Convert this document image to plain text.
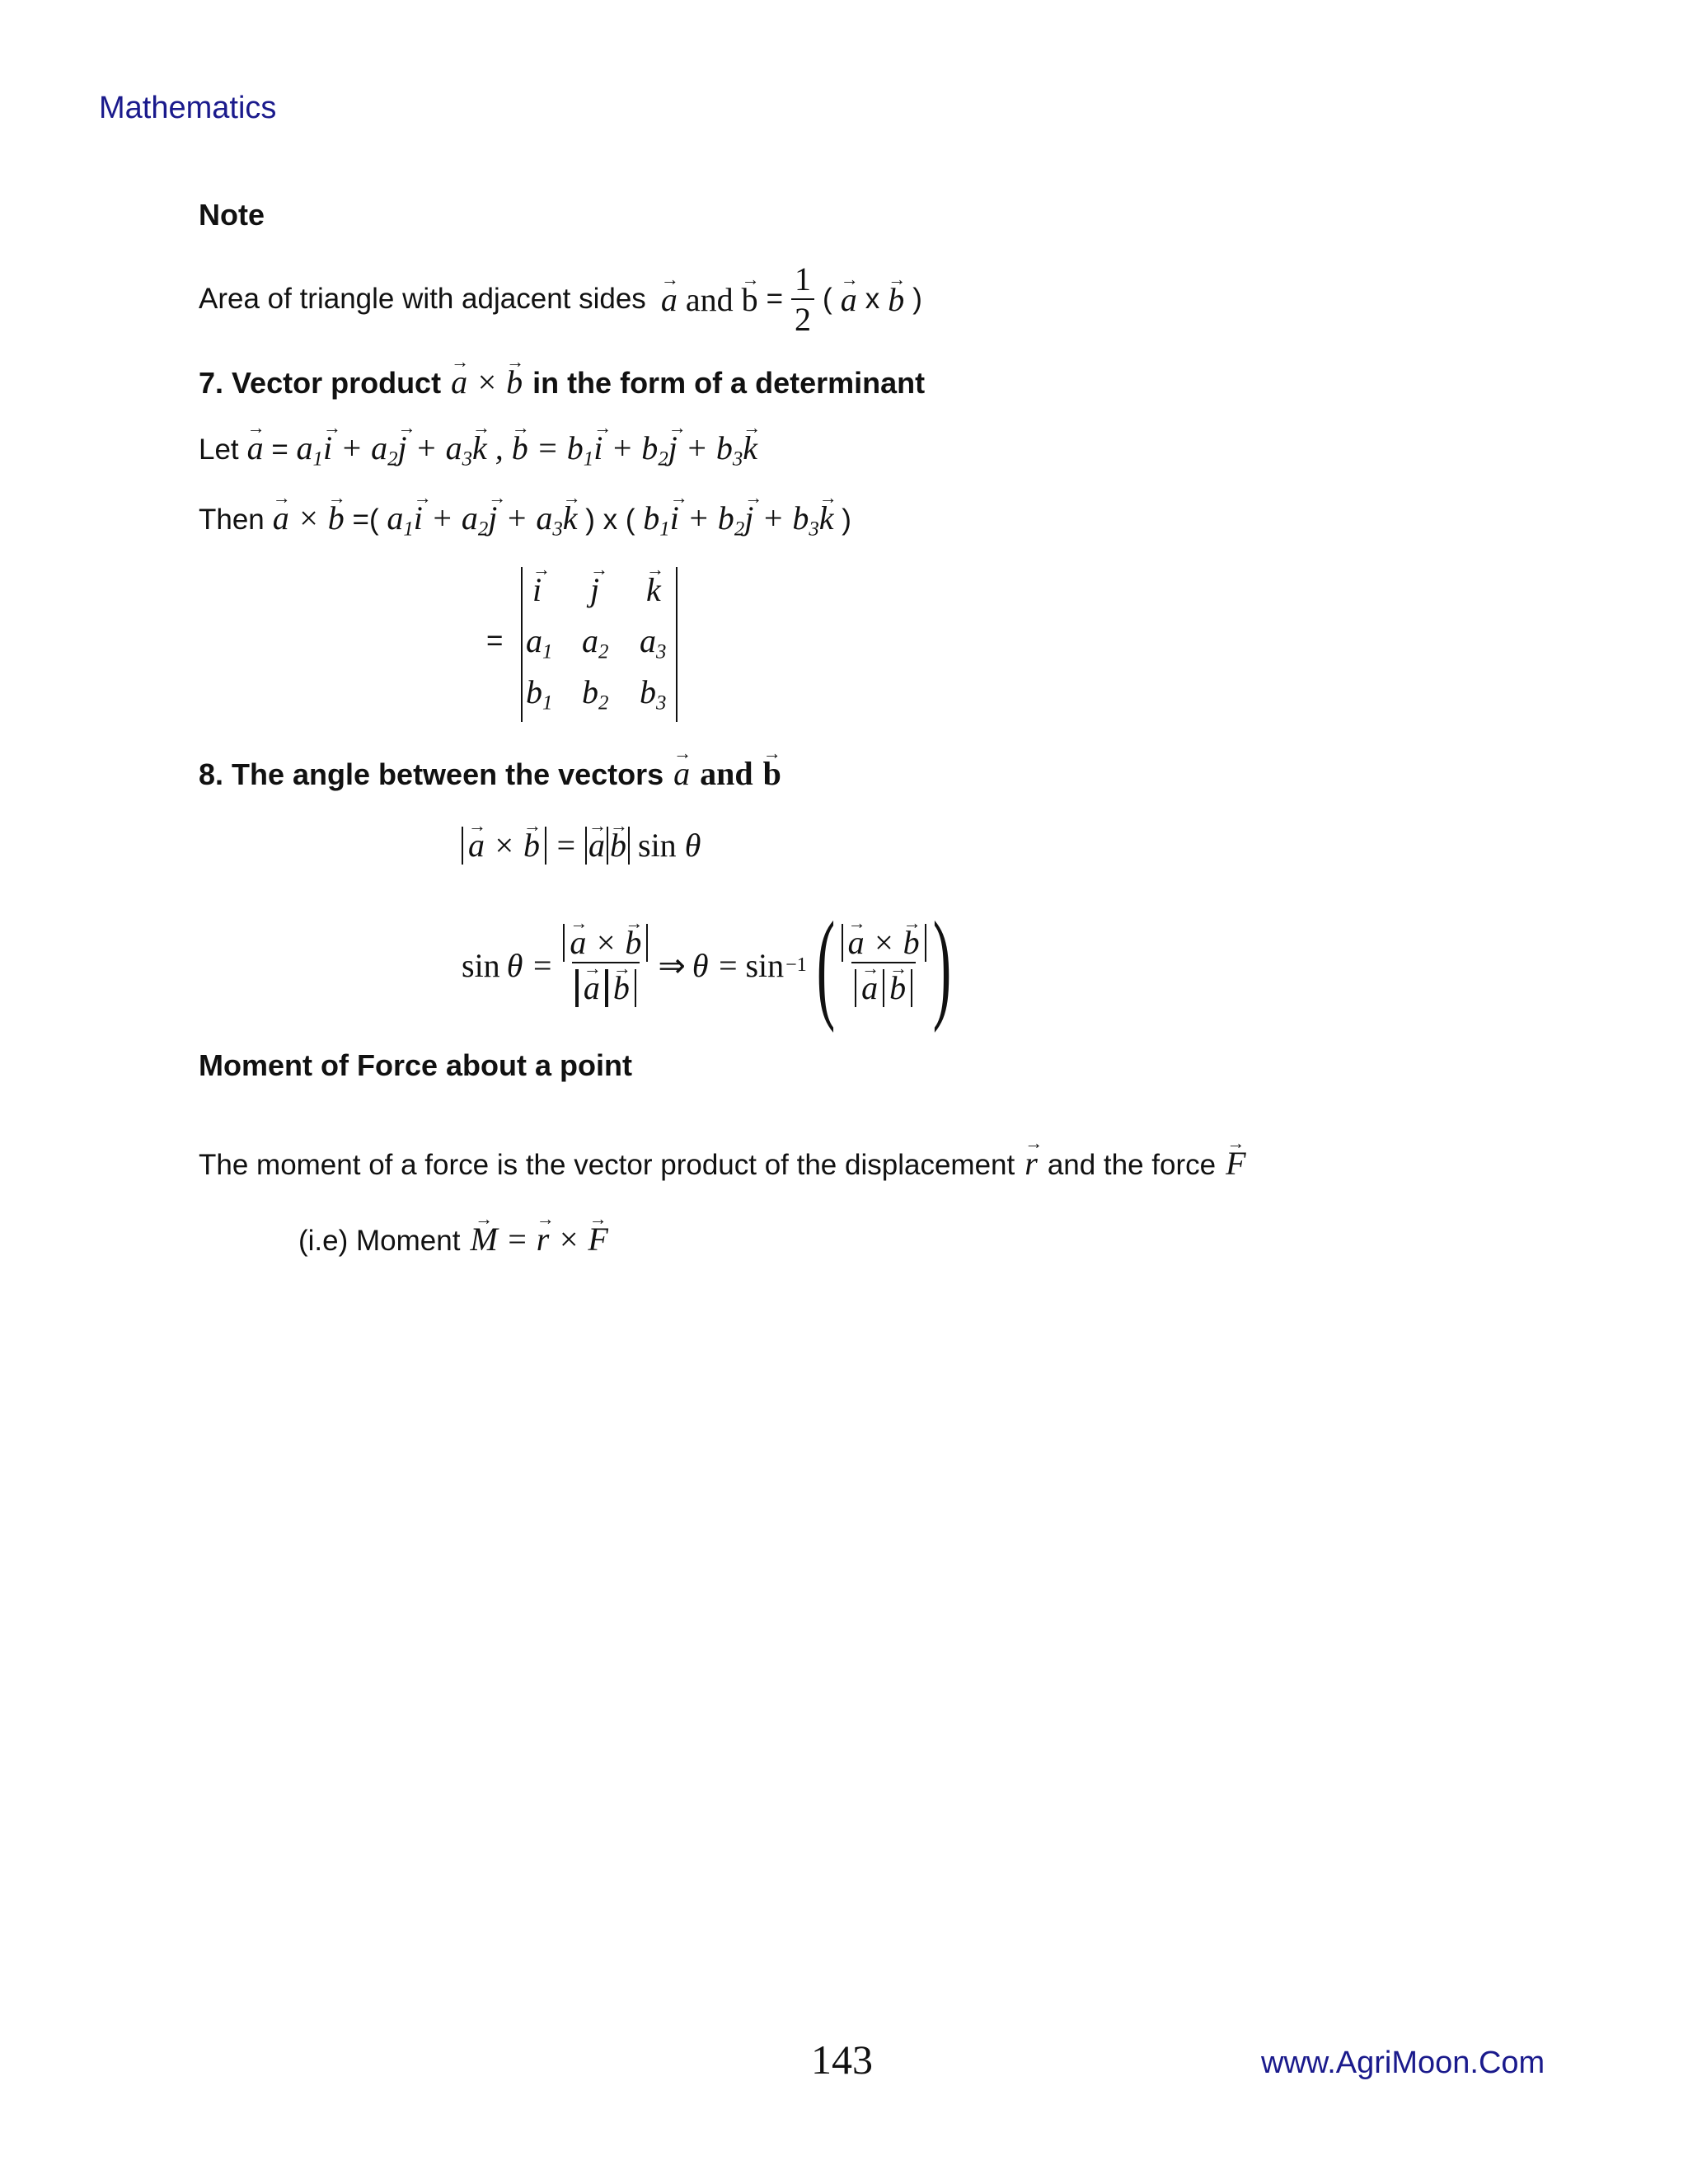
Mathematics
143	www.AgriMoon.Com
Note
Area of triangle with adjacent sides a → and b → = $\frac{1}{2}$ ( a → x b → )
7. Vector product a → × b → in the form of a determinant
Let a → = $a_1i$ → + $a_2j$ → + $a_3k$ → , b → = $b_1i$ → + $b_2j$ → + $b_3k$ →
Then a → × b → =( $a_1i$ → + $a_2j$ → + $a_3k$ → ) x ( $b_1i$ → + $b_2j$ → + $b_3k$ → )
=
i → j → k →
$a_1$ $a_2$ $a_3$
$b_1$ $b_2$ $b_3$
8. The angle between the vectors a → and b →
a → × b → = a → b → sin θ
$\sin \theta = \frac{a \to \times b \to}{a \to b}$ → ⇒ θ = sin −1 ( $\frac{a \to \times b \to}{a \to b}$ → )
Moment of Force about a point
The moment of a force is the vector product of the displacement r → and the force F →
(i.e) Moment M → = r → × F →
